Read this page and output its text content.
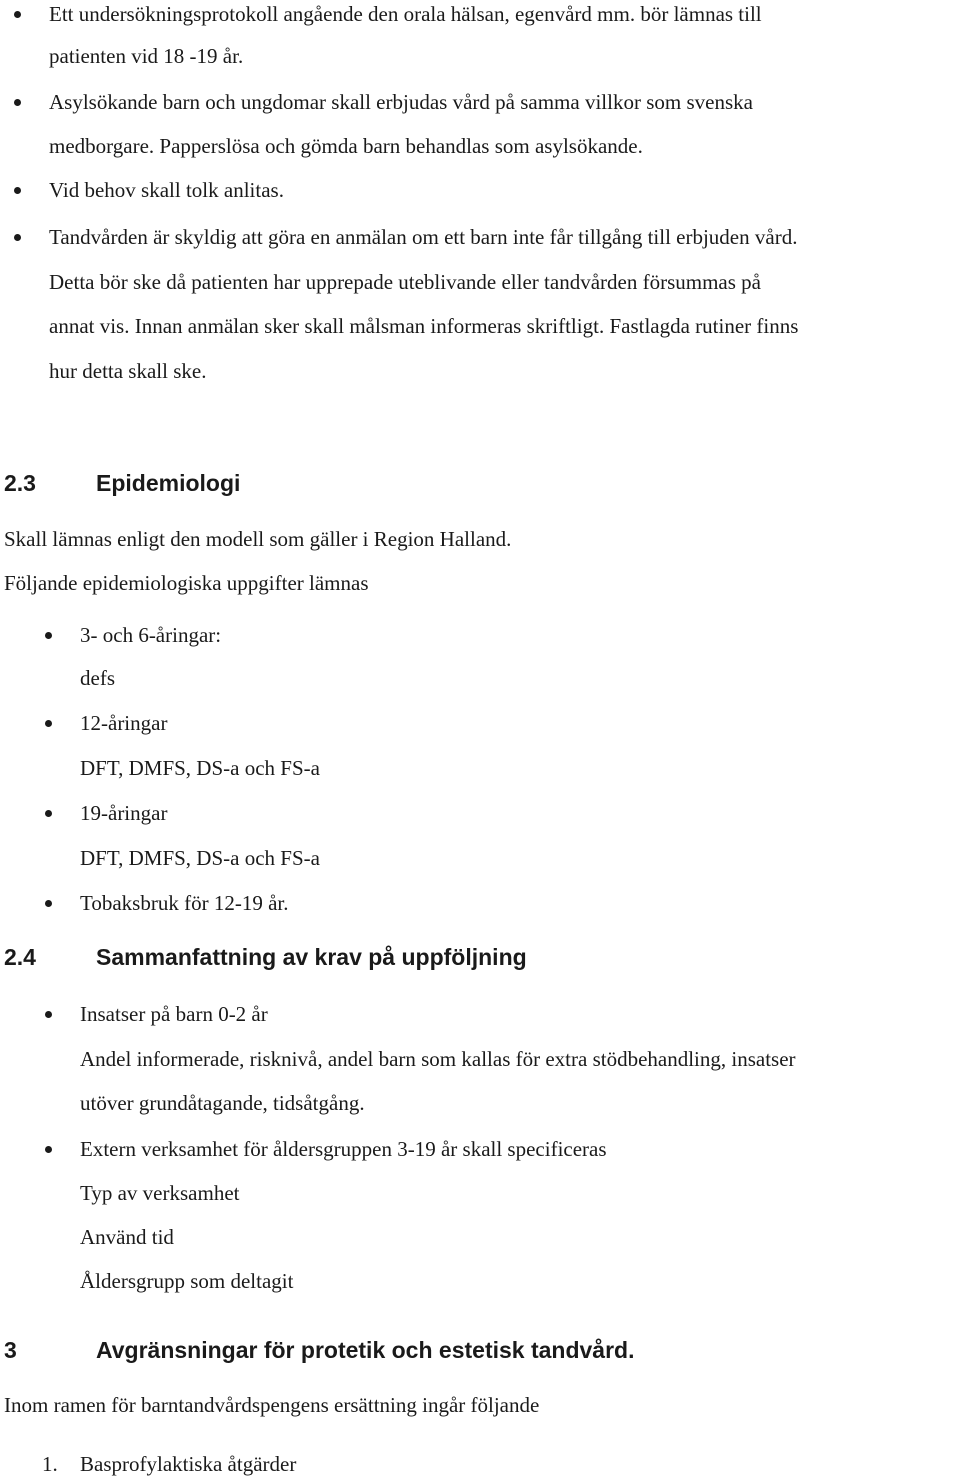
Ett undersökningsprotokoll angående den orala hälsan, egenvård mm. bör lämnas till
patienten vid 18 -19 år.
Asylsökande barn och ungdomar skall erbjudas vård på samma villkor som svenska
medborgare. Papperslösa och gömda barn behandlas som asylsökande.
Vid behov skall tolk anlitas.
Tandvården är skyldig att göra en anmälan om ett barn inte får tillgång till erbjuden vård.
Detta bör ske då patienten har upprepade uteblivande eller tandvården försummas på
annat vis. Innan anmälan sker skall målsman informeras skriftligt. Fastlagda rutiner finns
hur detta skall ske.
2.3	Epidemiologi
Skall lämnas enligt den modell som gäller i Region Halland.
Följande epidemiologiska uppgifter lämnas
3- och 6-åringar:
defs
12-åringar
DFT, DMFS, DS-a och FS-a
19-åringar
DFT, DMFS, DS-a och FS-a
Tobaksbruk för 12-19 år.
2.4	Sammanfattning av krav på uppföljning
Insatser på barn 0-2 år
Andel informerade, risknivå, andel barn som kallas för extra stödbehandling, insatser
utöver grundåtagande, tidsåtgång.
Extern verksamhet för åldersgruppen 3-19 år skall specificeras
Typ av verksamhet
Använd tid
Åldersgrupp som deltagit
3	Avgränsningar för protetik och estetisk tandvård.
Inom ramen för barntandvårdspengens ersättning ingår följande
1. Basprofylaktiska åtgärder
